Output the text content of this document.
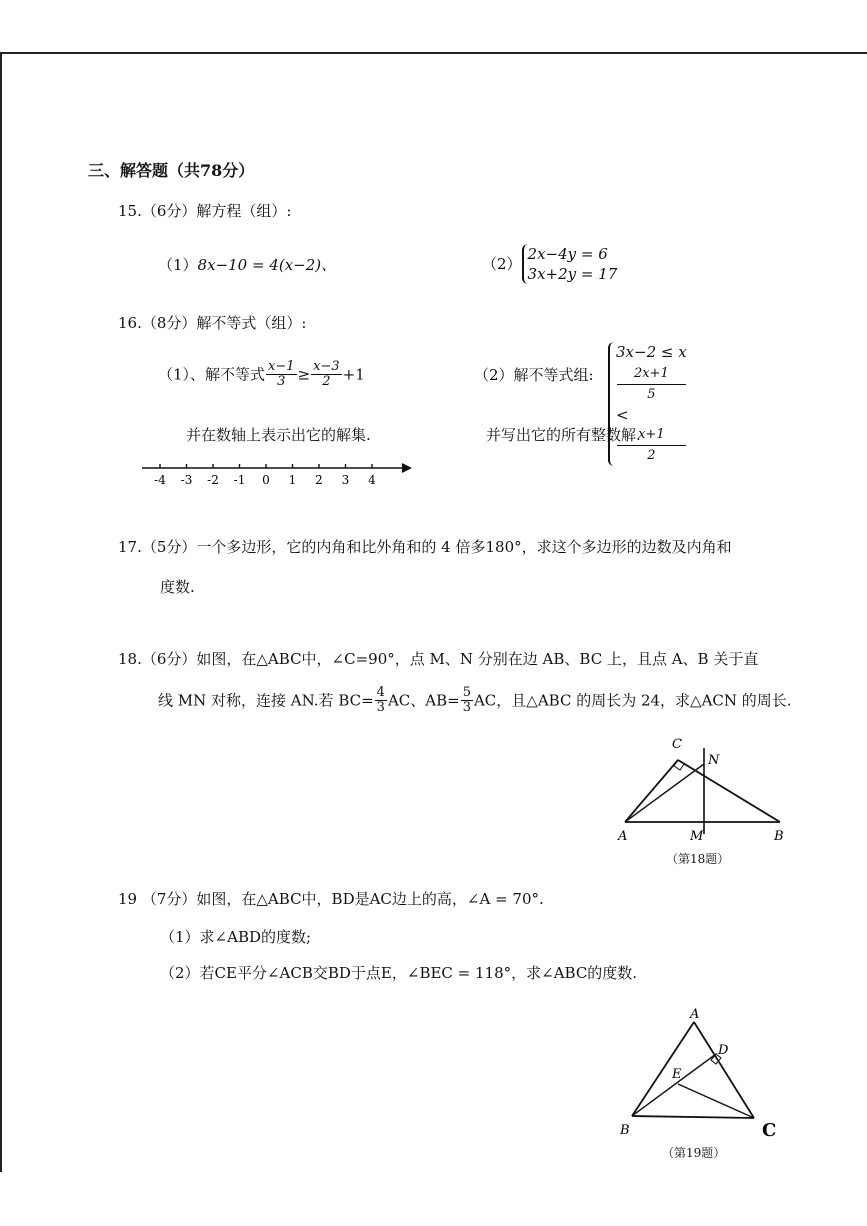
三、解答题（共78分）
15.（6分）解方程（组）:
（1）8x−10 = 4(x−2)、	（2）
2x−4y = 6
3x+2y = 17
16.（8分）解不等式（组）:
（1）、解不等式 $\frac{x-1}{3} \ge \frac{x-3}{2} +1$
并在数轴上表示出它的解集.
（2）解不等式组:
3x−2 ≤ x
2x+1
5
<
x+1
2
并写出它的所有整数解.
-4 -3 -2 -1 0 1 2 3 4
17.（5分）一个多边形，它的内角和比外角和的 4 倍多180°，求这个多边形的边数及内角和
度数.
18.（6分）如图，在△ABC中，∠C=90°，点 M、N 分别在边 AB、BC 上，且点 A、B 关于直
线 MN 对称，连接 AN.若 $BC= \frac{4}{3}$ AC、$AB= \frac{5}{3}$ AC，且△ABC 的周长为 24，求△ACN 的周长.
C
N
A	M	B
（第18题）
19 （7分）如图，在△ABC中，BD是AC边上的高，∠A = 70°.
（1）求∠ABD的度数;
（2）若CE平分∠ACB交BD于点E，∠BEC = 118°，求∠ABC的度数.
A
D
E
B	C
（第19题）
